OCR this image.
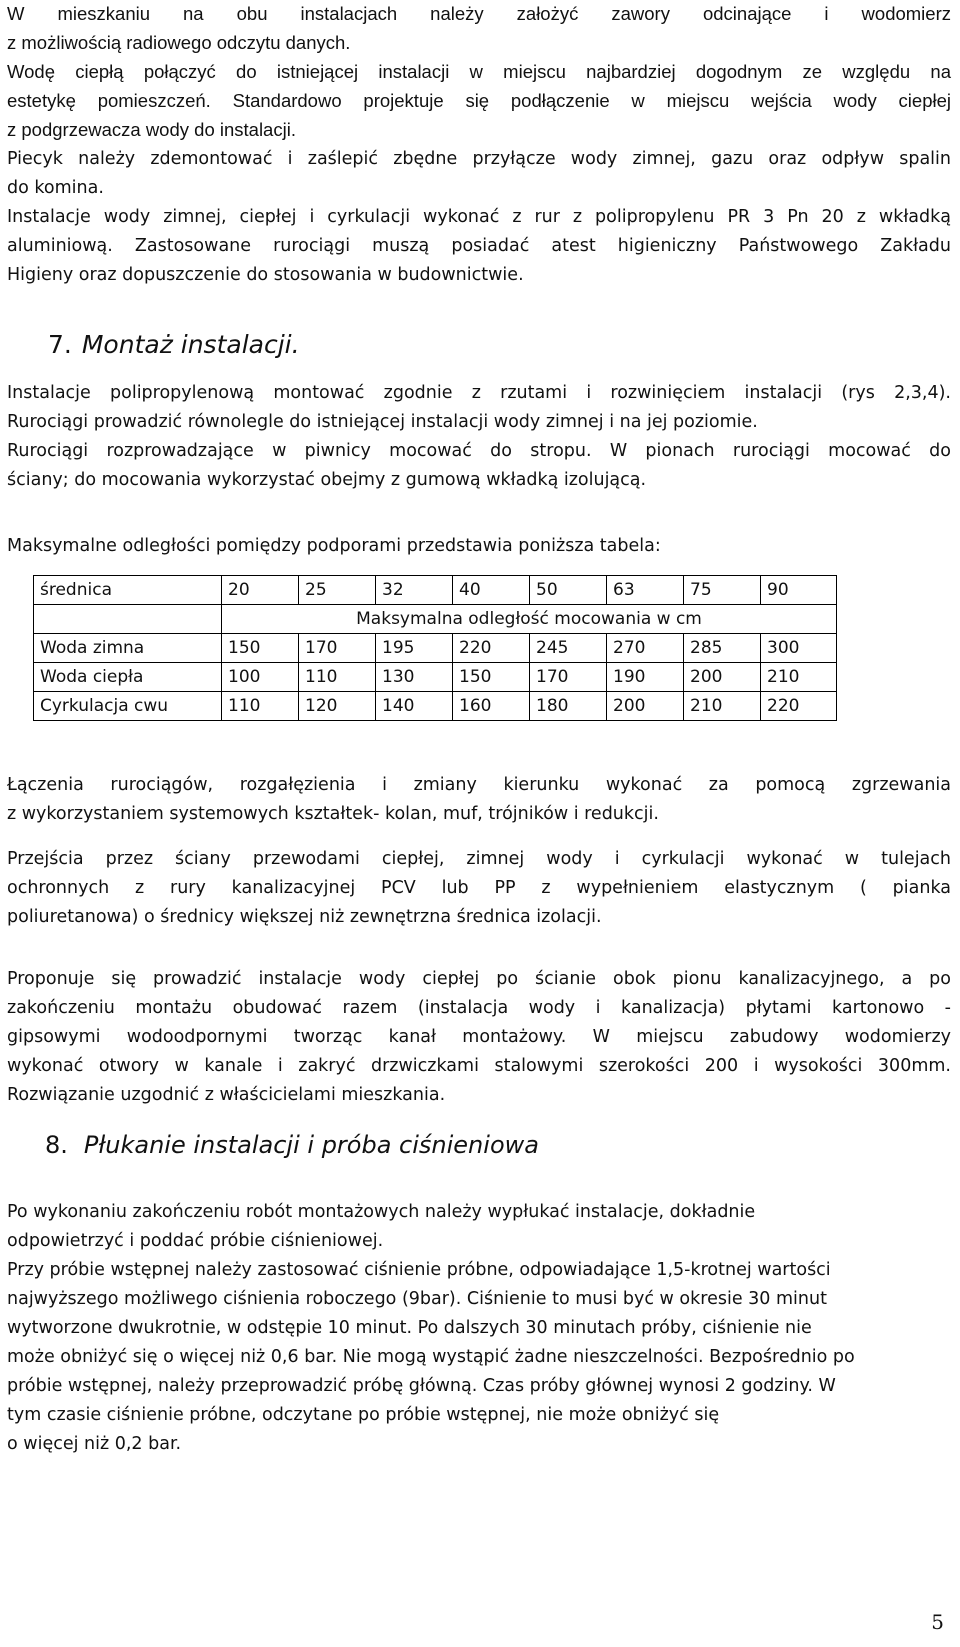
W mieszkaniu na obu instalacjach należy założyć zawory odcinające i wodomierz
z możliwością radiowego odczytu danych.
Wodę ciepłą połączyć do istniejącej instalacji w miejscu najbardziej dogodnym ze względu na
estetykę pomieszczeń. Standardowo projektuje się podłączenie w miejscu wejścia wody ciepłej
z podgrzewacza wody do instalacji.
Piecyk należy zdemontować i zaślepić zbędne przyłącze wody zimnej, gazu oraz odpływ spalin
do komina.
Instalacje wody zimnej, ciepłej i cyrkulacji wykonać z rur z polipropylenu PR 3 Pn 20 z wkładką
aluminiową. Zastosowane rurociągi muszą posiadać atest higieniczny Państwowego Zakładu
Higieny oraz dopuszczenie do stosowania w budownictwie.
7. Montaż instalacji.
Instalacje polipropylenową montować zgodnie z rzutami i rozwinięciem instalacji (rys 2,3,4).
Rurociągi prowadzić równolegle do istniejącej instalacji wody zimnej i na jej poziomie.
Rurociągi rozprowadzające w piwnicy mocować do stropu. W pionach rurociągi mocować do
ściany; do mocowania wykorzystać obejmy z gumową wkładką izolującą.
Maksymalne odległości pomiędzy podporami przedstawia poniższa tabela:
średnica	20	25	32	40	50	63	75	90
	Maksymalna odległość mocowania w cm							
Woda zimna	150	170	195	220	245	270	285	300
Woda ciepła	100	110	130	150	170	190	200	210
Cyrkulacja cwu	110	120	140	160	180	200	210	220
Łączenia rurociągów, rozgałęzienia i zmiany kierunku wykonać za pomocą zgrzewania
z wykorzystaniem systemowych kształtek- kolan, muf, trójników i redukcji.
Przejścia przez ściany przewodami ciepłej, zimnej wody i cyrkulacji wykonać w tulejach
ochronnych z rury kanalizacyjnej PCV lub PP z wypełnieniem elastycznym ( pianka
poliuretanowa) o średnicy większej niż zewnętrzna średnica izolacji.
Proponuje się prowadzić instalacje wody ciepłej po ścianie obok pionu kanalizacyjnego, a po
zakończeniu montażu obudować razem (instalacja wody i kanalizacja) płytami kartonowo -
gipsowymi wodoodpornymi tworząc kanał montażowy. W miejscu zabudowy wodomierzy
wykonać otwory w kanale i zakryć drzwiczkami stalowymi szerokości 200 i wysokości 300mm.
Rozwiązanie uzgodnić z właścicielami mieszkania.
8. Płukanie instalacji i próba ciśnieniowa
Po wykonaniu zakończeniu robót montażowych należy wypłukać instalacje, dokładnie
odpowietrzyć i poddać próbie ciśnieniowej.
Przy próbie wstępnej należy zastosować ciśnienie próbne, odpowiadające 1,5-krotnej wartości
najwyższego możliwego ciśnienia roboczego (9bar). Ciśnienie to musi być w okresie 30 minut
wytworzone dwukrotnie, w odstępie 10 minut. Po dalszych 30 minutach próby, ciśnienie nie
może obniżyć się o więcej niż 0,6 bar. Nie mogą wystąpić żadne nieszczelności. Bezpośrednio po
próbie wstępnej, należy przeprowadzić próbę główną. Czas próby głównej wynosi 2 godziny. W
tym czasie ciśnienie próbne, odczytane po próbie wstępnej, nie może obniżyć się
o więcej niż 0,2 bar.
5
